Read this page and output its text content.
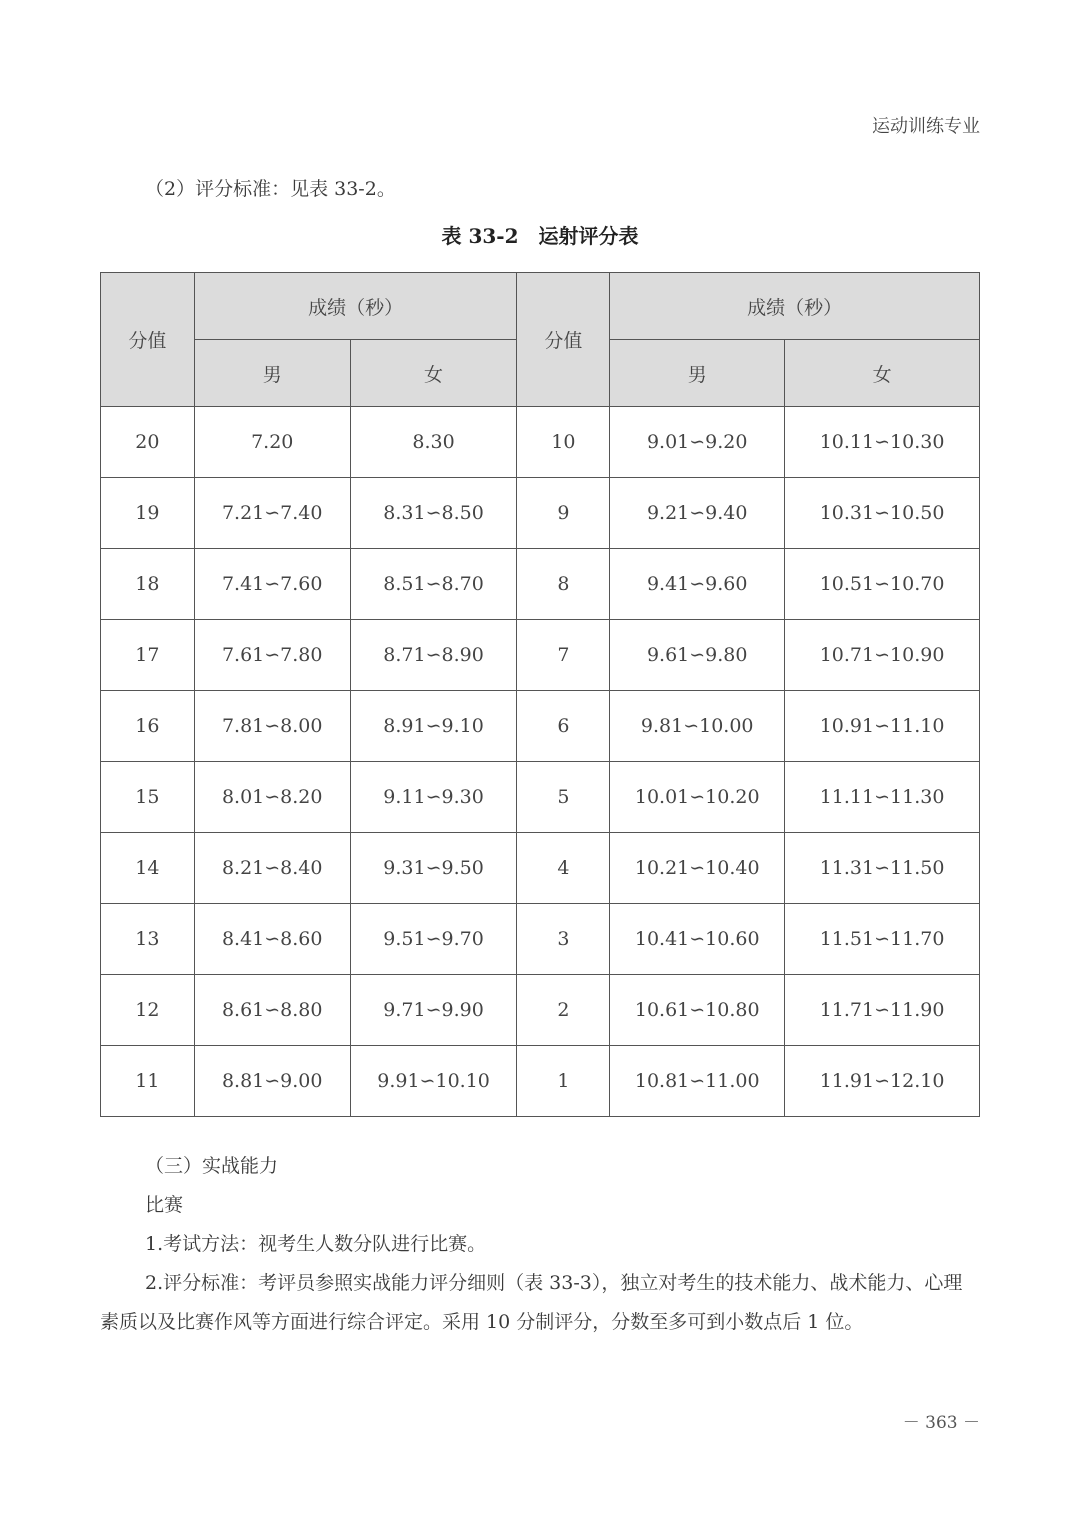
运动训练专业
（2）评分标准：见表 33-2。
表 33-2　运射评分表
分值	成绩（秒）		分值	成绩（秒）	
	男	女		男	女
20	7.20	8.30	10	9.01∽9.20	10.11∽10.30
19	7.21∽7.40	8.31∽8.50	9	9.21∽9.40	10.31∽10.50
18	7.41∽7.60	8.51∽8.70	8	9.41∽9.60	10.51∽10.70
17	7.61∽7.80	8.71∽8.90	7	9.61∽9.80	10.71∽10.90
16	7.81∽8.00	8.91∽9.10	6	9.81∽10.00	10.91∽11.10
15	8.01∽8.20	9.11∽9.30	5	10.01∽10.20	11.11∽11.30
14	8.21∽8.40	9.31∽9.50	4	10.21∽10.40	11.31∽11.50
13	8.41∽8.60	9.51∽9.70	3	10.41∽10.60	11.51∽11.70
12	8.61∽8.80	9.71∽9.90	2	10.61∽10.80	11.71∽11.90
11	8.81∽9.00	9.91∽10.10	1	10.81∽11.00	11.91∽12.10
（三）实战能力
比赛
1.考试方法：视考生人数分队进行比赛。
2.评分标准：考评员参照实战能力评分细则（表 33-3），独立对考生的技术能力、战术能力、心理素质以及比赛作风等方面进行综合评定。采用 10 分制评分，分数至多可到小数点后 1 位。
－ 363 －
